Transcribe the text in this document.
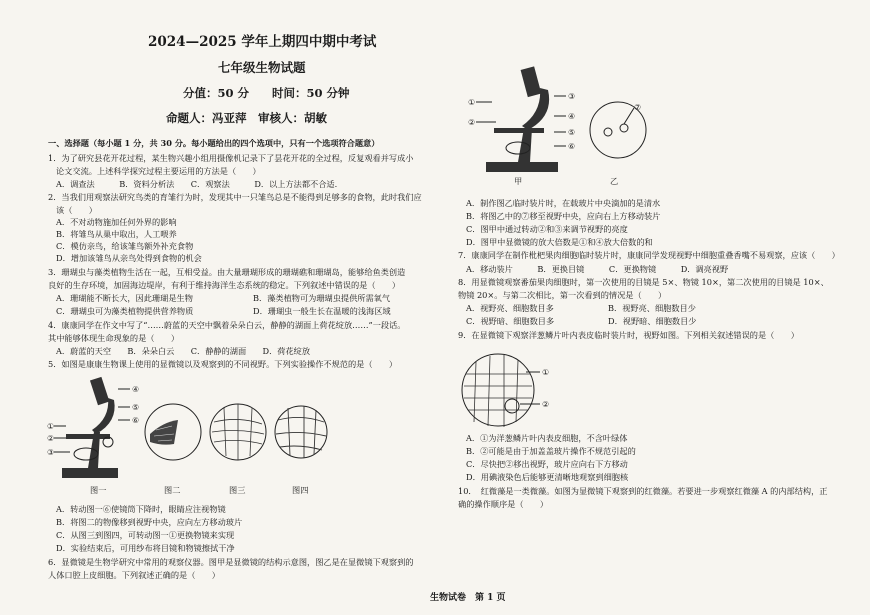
2024—2025 学年上期四中期中考试
七年级生物试题
分值：50 分　　时间：50 分钟
命题人：冯亚萍　审核人：胡敏
一、选择题（每小题 1 分，共 30 分。每小题给出的四个选项中，只有一个选项符合题意）
1．为了研究县花开花过程，某生物兴趣小组用摄像机记录下了昙花开花的全过程，反复观看并写成小
论文交流。上述科学探究过程主要运用的方法是（　　）
A．调查法　　　B．资料分析法　　C．观察法　　　D．以上方法都不合适.
2．当我们用观察法研究鸟类的育雏行为时，发现其中一只雏鸟总是不能得到足够多的食物，此时我们应
该（　　）
A．不对动物施加任何外界的影响
B．将雏鸟从巢中取出，人工喂养
C．模仿亲鸟，给该雏鸟额外补充食物
D．增加该雏鸟从亲鸟处得到食物的机会
3．珊瑚虫与藻类植物生活在一起，互相受益。由大量珊瑚形成的珊瑚礁和珊瑚岛，能够给鱼类创造
良好的生存环境，加固海边堤岸，有利于维持海洋生态系统的稳定。下列叙述中错误的是（　　）
A．珊瑚能不断长大，因此珊瑚是生物	B．藻类植物可为珊瑚虫提供所需氧气
C．珊瑚虫可为藻类植物提供营养物质	D．珊瑚虫一般生长在温暖的浅海区域
4．康康同学在作文中写了“……蔚蓝的天空中飘着朵朵白云，静静的湖面上荷花绽放……”一段话。
其中能够体现生命现象的是（　　）
A．蔚蓝的天空　　B．朵朵白云　　C．静静的湖面　　D．荷花绽放
5．如图是康康生物课上使用的显微镜以及观察到的不同视野。下列实验操作不规范的是（　　）
④
⑤
⑥
①
②
③
图一	图二	图三	图四
A．转动图一⑥使镜筒下降时，眼睛应注视物镜
B．将图二的物像移到视野中央，应向左方移动玻片
C．从图三到图四，可转动图一①更换物镜来实现
D．实验结束后，可用纱布将目镜和物镜擦拭干净
6．显微镜是生物学研究中常用的观察仪器。图甲是显微镜的结构示意图，图乙是在显微镜下观察到的
人体口腔上皮细胞。下列叙述正确的是（　　）
③
④
⑤
⑥
①
②
⑦
甲	乙
A．制作图乙临时装片时，在载玻片中央滴加的是清水
B．将图乙中的⑦移至视野中央，应向右上方移动装片
C．图甲中通过转动②和③来调节视野的亮度
D．图甲中显微镜的放大倍数是①和④放大倍数的和
7．康康同学在制作枇杷果肉细胞临时装片时，康康同学发现视野中细胞重叠香嘴不易观察，应该（　　）
A．移动装片　　　B．更换目镜　　　C．更换物镜　　　D．调亮视野
8．用显微镜观察番茄果肉细胞时，第一次使用的目镜是 5×、物镜 10×，第二次使用的目镜是 10×、
物镜 20×。与第二次相比，第一次看到的情况是（　　）
A．视野亮、细胞数目多	B．视野亮、细胞数目少
C．视野暗、细胞数目多	D．视野暗、细胞数目少
9．在显微镜下观察洋葱鳞片叶内表皮临时装片时，视野如图。下列相关叙述错误的是（　　）
①
②
A．①为洋葱鳞片叶内表皮细胞，不含叶绿体
B．②可能是由于加盖盖玻片操作不规范引起的
C．尽快把②移出视野，玻片应向右下方移动
D．用碘液染色后能够更清晰地观察到细胞核
10．　红微藻是一类微藻。如图为显微镜下观察到的红微藻。若要进一步观察红微藻 A 的内部结构，正
确的操作顺序是（　　）
生物试卷　第 1 页
